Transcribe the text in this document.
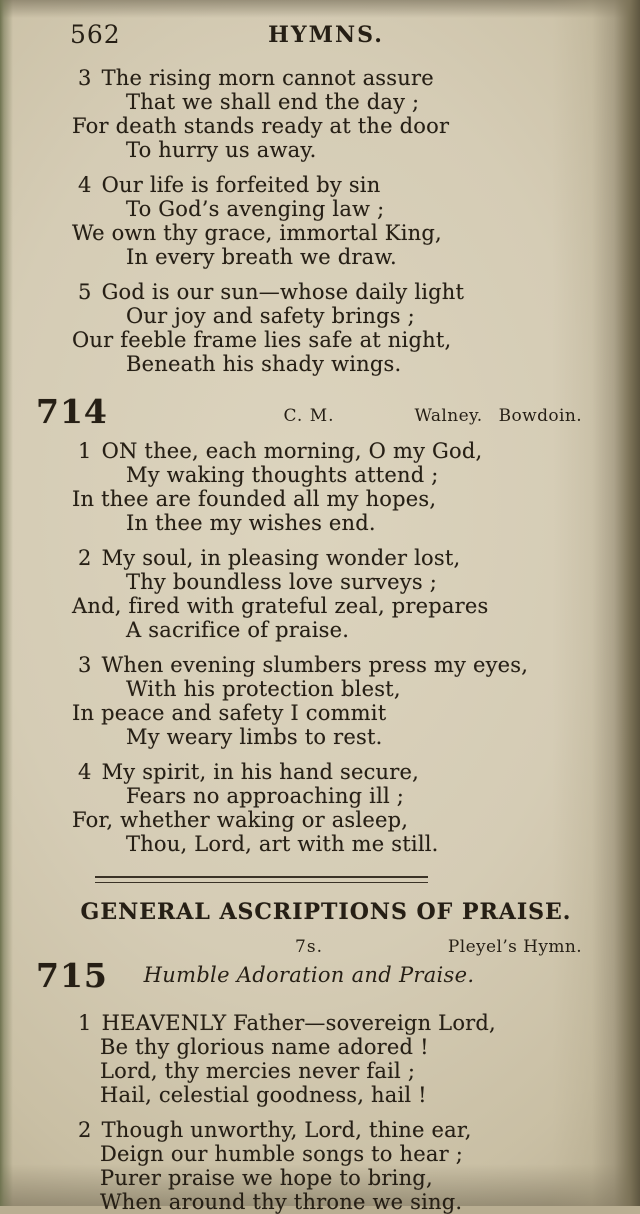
562	HYMNS.

3 The rising morn cannot assure

That we shall end the day ;

For death stands ready at the door

To hurry us away.

4 Our life is forfeited by sin

To God’s avenging law ;

We own thy grace, immortal King,

In every breath we draw.

5 God is our sun—whose daily light

Our joy and safety brings ;

Our feeble frame lies safe at night,

Beneath his shady wings.

714	C. M.	Walney. Bowdoin.

1 ON thee, each morning, O my God,

My waking thoughts attend ;

In thee are founded all my hopes,

In thee my wishes end.

2 My soul, in pleasing wonder lost,

Thy boundless love surveys ;

And, fired with grateful zeal, prepares

A sacrifice of praise.

3 When evening slumbers press my eyes,

With his protection blest,

In peace and safety I commit

My weary limbs to rest.

4 My spirit, in his hand secure,

Fears no approaching ill ;

For, whether waking or asleep,

Thou, Lord, art with me still.

GENERAL ASCRIPTIONS OF PRAISE.
715
7s.	Pleyel’s Hymn.
Humble Adoration and Praise.

1 HEAVENLY Father—sovereign Lord,

Be thy glorious name adored !

Lord, thy mercies never fail ;

Hail, celestial goodness, hail !

2 Though unworthy, Lord, thine ear,

Deign our humble songs to hear ;

Purer praise we hope to bring,

When around thy throne we sing.
